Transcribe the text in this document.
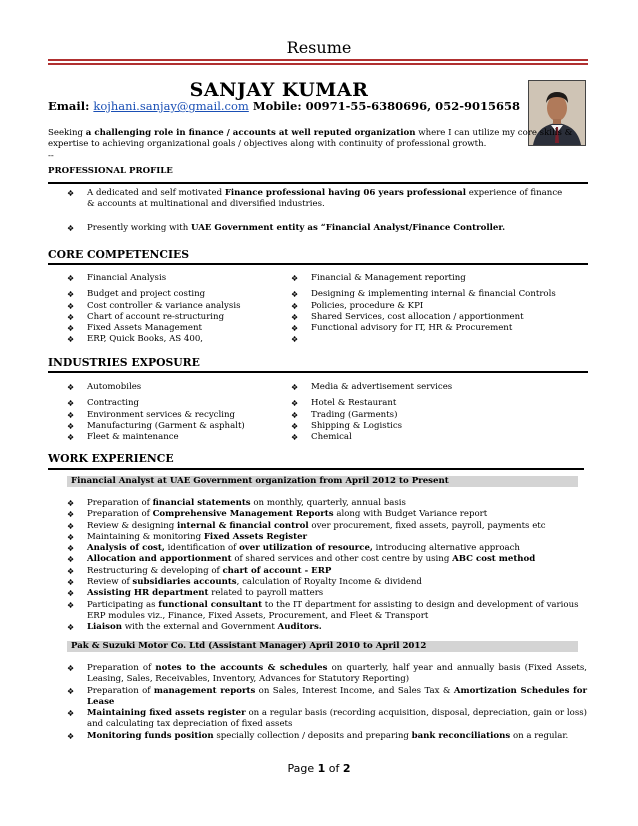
Resume
SANJAY KUMAR
Email: kojhani.sanjay@gmail.com Mobile: 00971-55-6380696, 052-9015658
Seeking a challenging role in finance / accounts at well reputed organization where I can utilize my core skills & expertise to achieving organizational goals / objectives along with continuity of professional growth.
--
PROFESSIONAL PROFILE
❖ A dedicated and self motivated Finance professional having 06 years professional experience of finance & accounts at multinational and diversified industries.
❖ Presently working with UAE Government entity as “Financial Analyst/Finance Controller.
CORE COMPETENCIES
❖ Financial Analysis
❖ Budget and project costing
❖ Cost controller & variance analysis
❖ Chart of account re-structuring
❖ Fixed Assets Management
❖ ERP, Quick Books, AS 400,
❖ Financial & Management reporting
❖ Designing & implementing internal & financial Controls
❖ Policies, procedure & KPI
❖ Shared Services, cost allocation / apportionment
❖ Functional advisory for IT, HR & Procurement
❖

INDUSTRIES EXPOSURE
❖ Automobiles
❖ Contracting
❖ Environment services & recycling
❖ Manufacturing (Garment & asphalt)
❖ Fleet & maintenance
❖ Media & advertisement services
❖ Hotel & Restaurant
❖ Trading (Garments)
❖ Shipping & Logistics
❖ Chemical
WORK EXPERIENCE
Financial Analyst at UAE Government organization from April 2012 to Present
❖ Preparation of financial statements on monthly, quarterly, annual basis
❖ Preparation of Comprehensive Management Reports along with Budget Variance report
❖ Review & designing internal & financial control over procurement, fixed assets, payroll, payments etc
❖ Maintaining & monitoring Fixed Assets Register
❖ Analysis of cost, identification of over utilization of resource, introducing alternative approach
❖ Allocation and apportionment of shared services and other cost centre by using ABC cost method
❖ Restructuring & developing of chart of account - ERP
❖ Review of subsidiaries accounts, calculation of Royalty Income & dividend
❖ Assisting HR department related to payroll matters
❖ Participating as functional consultant to the IT department for assisting to design and development of various ERP modules viz., Finance, Fixed Assets, Procurement, and Fleet & Transport
❖ Liaison with the external and Government Auditors.
Pak & Suzuki Motor Co. Ltd (Assistant Manager) April 2010 to April 2012
❖ Preparation of notes to the accounts & schedules on quarterly, half year and annually basis (Fixed Assets, Leasing, Sales, Receivables, Inventory, Advances for Statutory Reporting)
❖ Preparation of management reports on Sales, Interest Income, and Sales Tax & Amortization Schedules for Lease
❖ Maintaining fixed assets register on a regular basis (recording acquisition, disposal, depreciation, gain or loss) and calculating tax depreciation of fixed assets
❖ Monitoring funds position specially collection / deposits and preparing bank reconciliations on a regular.
Page 1 of 2
